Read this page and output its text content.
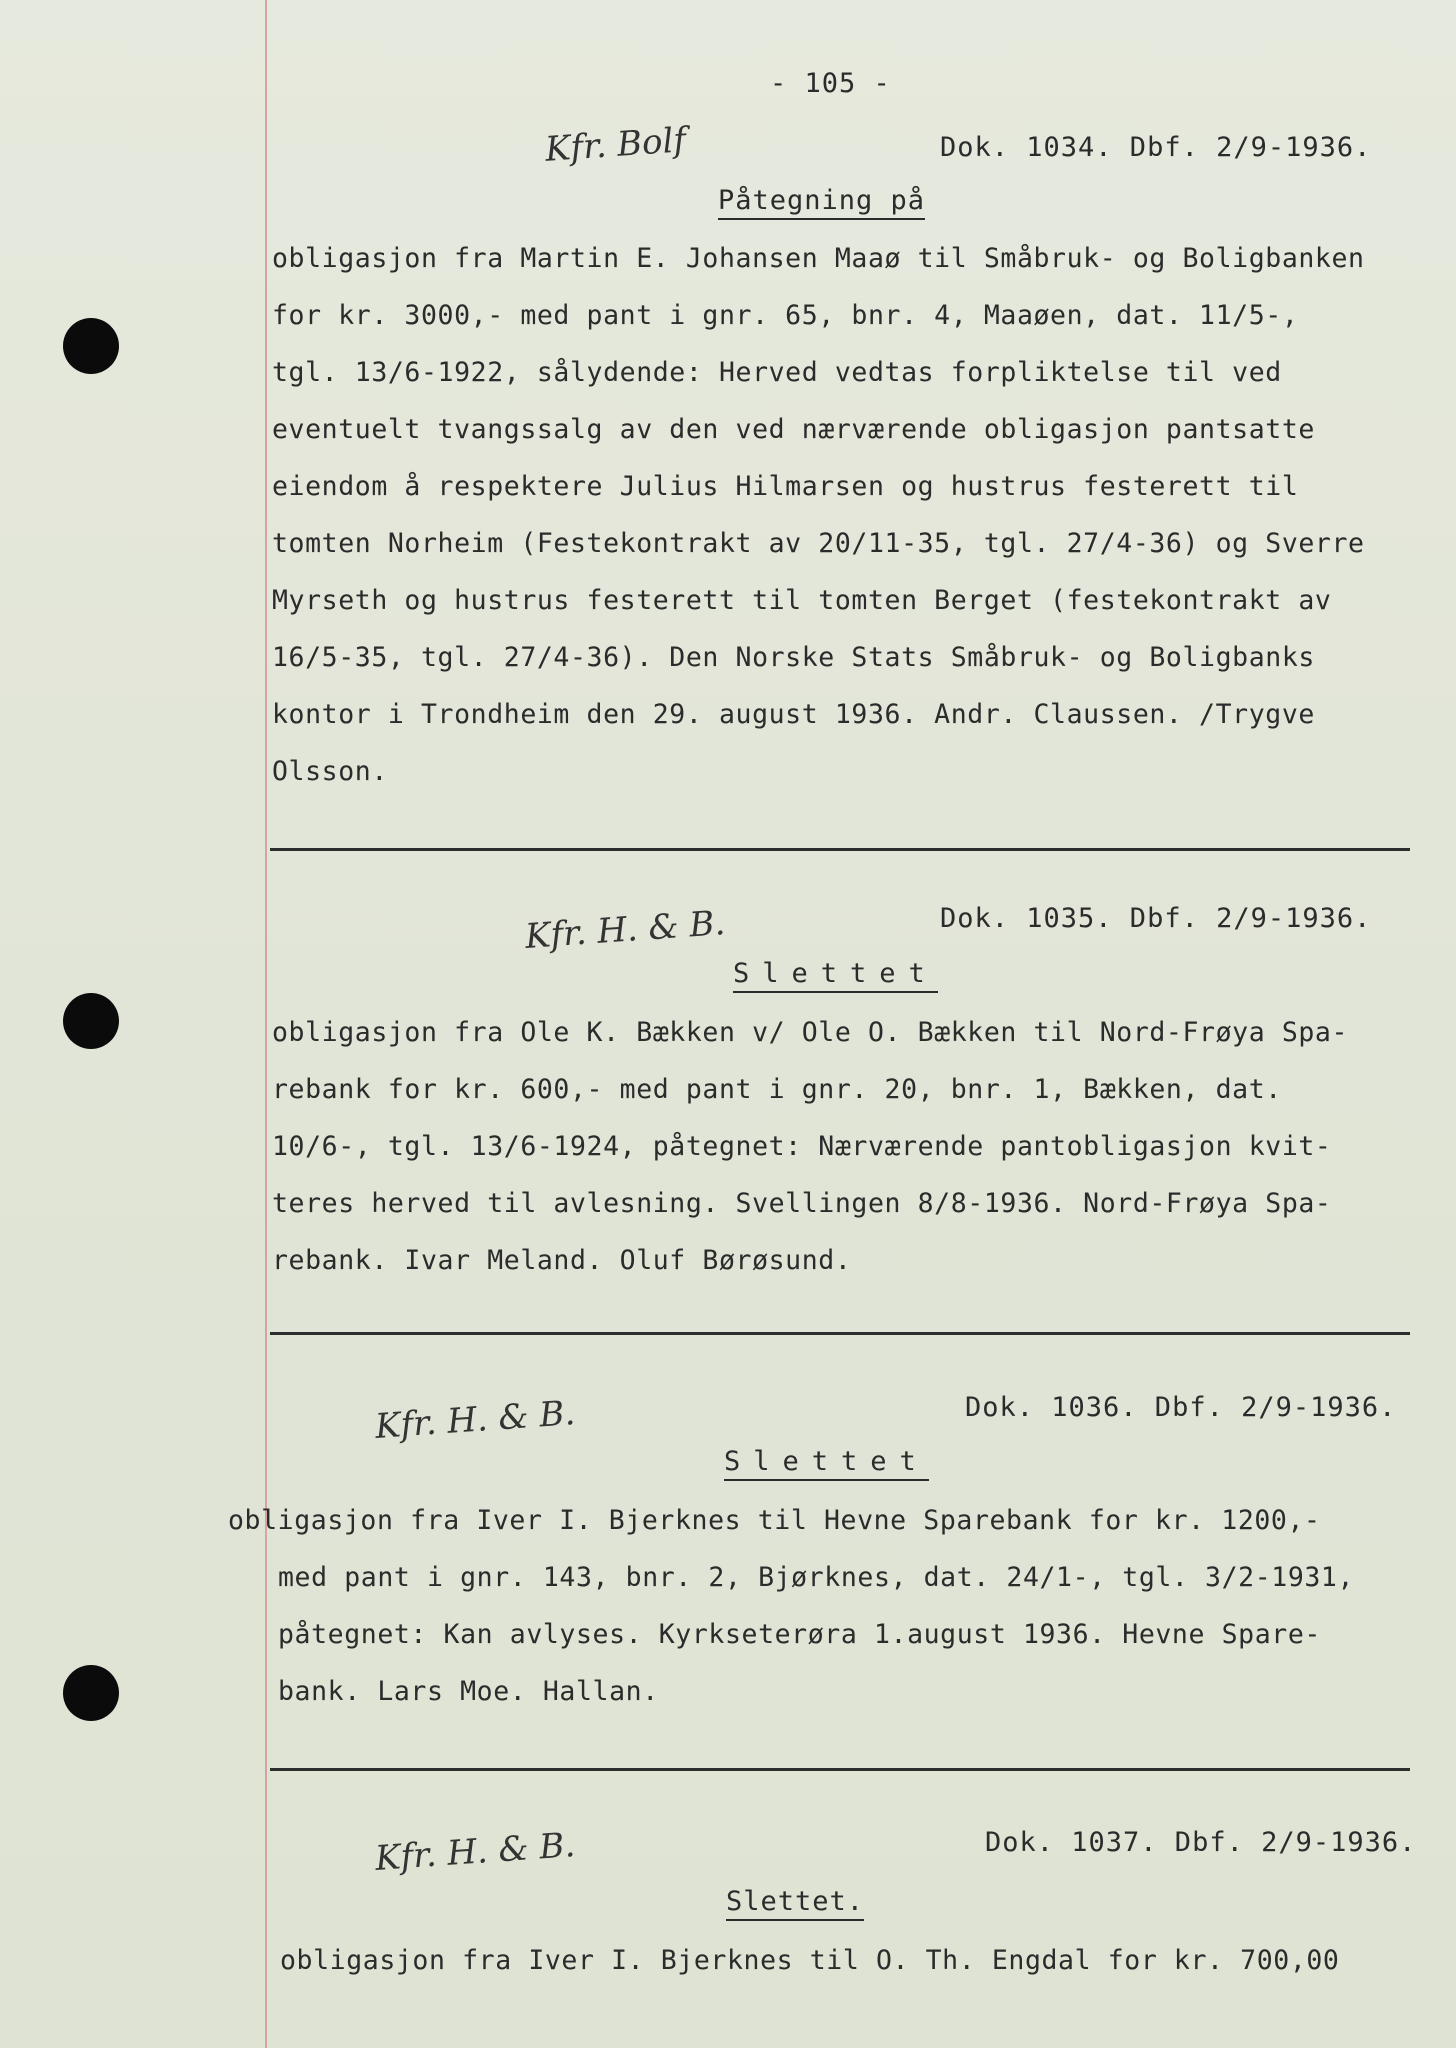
- 105 -
Kfr. Bolf	Dok. 1034. Dbf. 2/9-1936.
Påtegning på
obligasjon fra Martin E. Johansen Maaø til Småbruk- og Boligbanken
for kr. 3000,- med pant i gnr. 65, bnr. 4, Maaøen, dat. 11/5-,
tgl. 13/6-1922, sålydende: Herved vedtas forpliktelse til ved
eventuelt tvangssalg av den ved nærværende obligasjon pantsatte
eiendom å respektere Julius Hilmarsen og hustrus festerett til
tomten Norheim (Festekontrakt av 20/11-35, tgl. 27/4-36) og Sverre
Myrseth og hustrus festerett til tomten Berget (festekontrakt av
16/5-35, tgl. 27/4-36). Den Norske Stats Småbruk- og Boligbanks
kontor i Trondheim den 29. august 1936. Andr. Claussen. /Trygve
Olsson.
Kfr. H. & B.	Dok. 1035. Dbf. 2/9-1936.
Slettet
obligasjon fra Ole K. Bækken v/ Ole O. Bækken til Nord-Frøya Spa-
rebank for kr. 600,- med pant i gnr. 20, bnr. 1, Bækken, dat.
10/6-, tgl. 13/6-1924, påtegnet: Nærværende pantobligasjon kvit-
teres herved til avlesning. Svellingen 8/8-1936. Nord-Frøya Spa-
rebank. Ivar Meland. Oluf Børøsund.
Kfr. H. & B.	Dok. 1036. Dbf. 2/9-1936.
Slettet
obligasjon fra Iver I. Bjerknes til Hevne Sparebank for kr. 1200,-
med pant i gnr. 143, bnr. 2, Bjørknes, dat. 24/1-, tgl. 3/2-1931,
påtegnet: Kan avlyses. Kyrkseterøra 1.august 1936. Hevne Spare-
bank. Lars Moe. Hallan.
Kfr. H. & B.	Dok. 1037. Dbf. 2/9-1936.
Slettet.
obligasjon fra Iver I. Bjerknes til O. Th. Engdal for kr. 700,00
